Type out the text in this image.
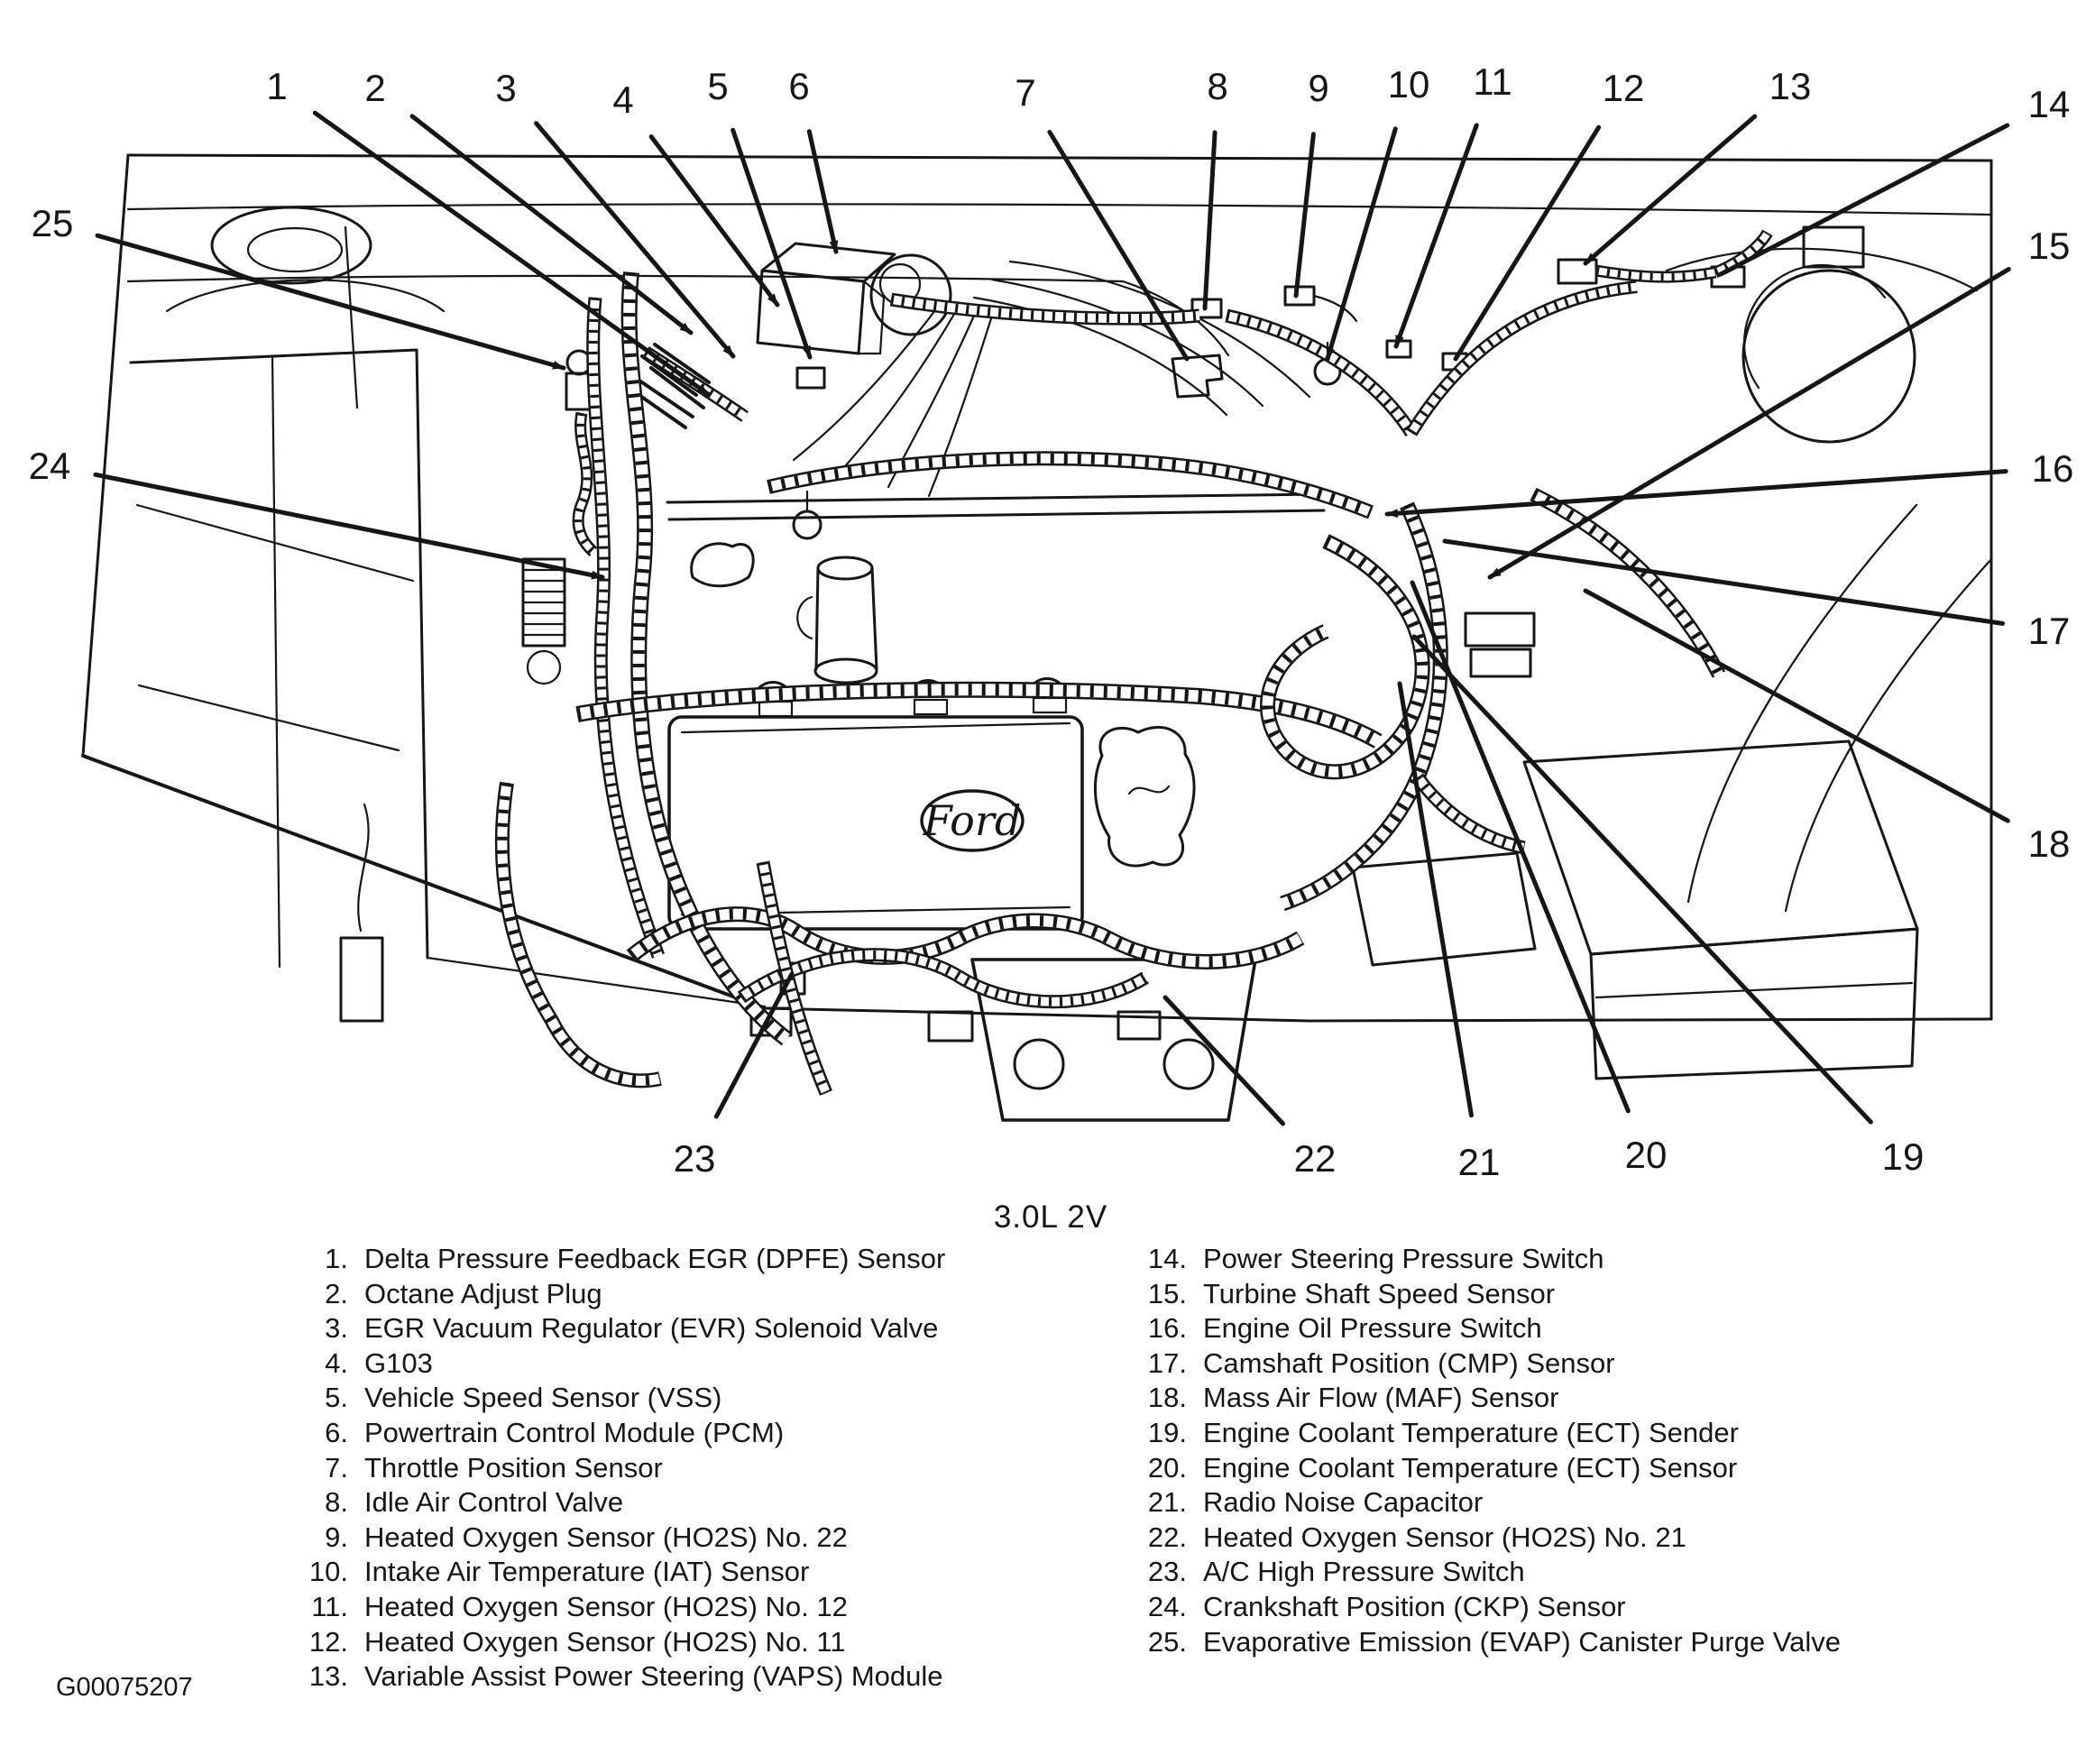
Ford
1 2	3	4 5 6	7	8 9 10 11 12	13	14
15
16
17
18
19
20
21
22
23
24
25
3.0L 2V
1. Delta Pressure Feedback EGR (DPFE) Sensor
2. Octane Adjust Plug
3. EGR Vacuum Regulator (EVR) Solenoid Valve
4. G103
5. Vehicle Speed Sensor (VSS)
6. Powertrain Control Module (PCM)
7. Throttle Position Sensor
8. Idle Air Control Valve
9. Heated Oxygen Sensor (HO2S) No. 22
10. Intake Air Temperature (IAT) Sensor
11. Heated Oxygen Sensor (HO2S) No. 12
12. Heated Oxygen Sensor (HO2S) No. 11
13. Variable Assist Power Steering (VAPS) Module
14. Power Steering Pressure Switch
15. Turbine Shaft Speed Sensor
16. Engine Oil Pressure Switch
17. Camshaft Position (CMP) Sensor
18. Mass Air Flow (MAF) Sensor
19. Engine Coolant Temperature (ECT) Sender
20. Engine Coolant Temperature (ECT) Sensor
21. Radio Noise Capacitor
22. Heated Oxygen Sensor (HO2S) No. 21
23. A/C High Pressure Switch
24. Crankshaft Position (CKP) Sensor
25. Evaporative Emission (EVAP) Canister Purge Valve
G00075207
